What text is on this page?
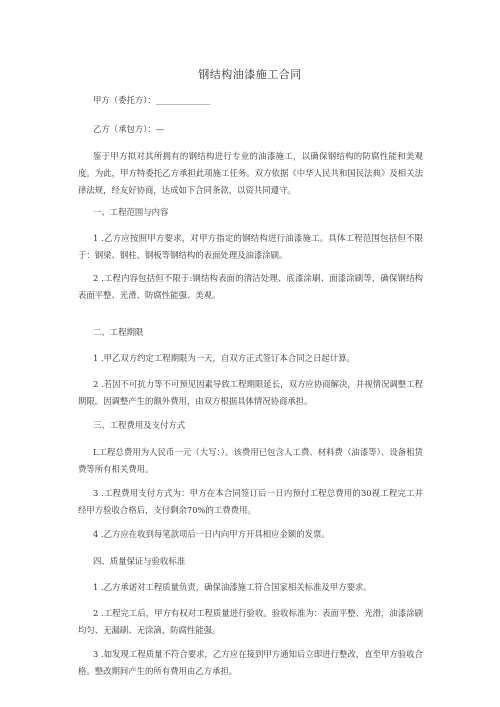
钢结构油漆施工合同
甲方（委托方）：_____________
乙方（承包方）：—
鉴于甲方拟对其所拥有的钢结构进行专业的油漆施工，以确保钢结构的防腐性能和美观度。为此，甲方特委托乙方承担此项施工任务。双方依据《中华人民共和国民法典》及相关法律法规，经友好协商，达成如下合同条款，以资共同遵守。
一、工程范围与内容
1 .乙方应按照甲方要求，对甲方指定的钢结构进行油漆施工。具体工程范围包括但不限于：钢梁、钢柱、钢板等钢结构的表面处理及油漆涂刷。
2 .工程内容包括但不限于:钢结构表面的清洁处理、底漆涂刷、面漆涂刷等，确保钢结构表面平整、光滑、防腐性能强、美观。
二、工程期限
1 .甲乙双方约定工程期限为一天，自双方正式签订本合同之日起计算。
2 .若因不可抗力等不可预见因素导致工程期限延长，双方应协商解决，并视情况调整工程期限。因调整产生的额外费用，由双方根据具体情况协商承担。
三、工程费用及支付方式
L工程总费用为人民币一元（大写：）。该费用已包含人工费、材料费（油漆等）、设备租赁费等所有相关费用。
3 .工程费用支付方式为：甲方在本合同签订后一日内预付工程总费用的30视工程完工并经甲方验收合格后，支付剩余70%的工费费用。
4 .乙方应在收到每笔款项后一日内向甲方开具相应金额的发票。
四、质量保证与验收标准
1 .乙方承诺对工程质量负责，确保油漆施工符合国家相关标准及甲方要求。
2 .工程完工后，甲方有权对工程质量进行验收。验收标准为：表面平整、光滑，油漆涂刷均匀、无漏刷、无涂滴，防腐性能强。
3 .如发现工程质量不符合要求，乙方应在接到甲方通知后立即进行整改，直至甲方验收合格。整改期间产生的所有费用由乙方承担。
